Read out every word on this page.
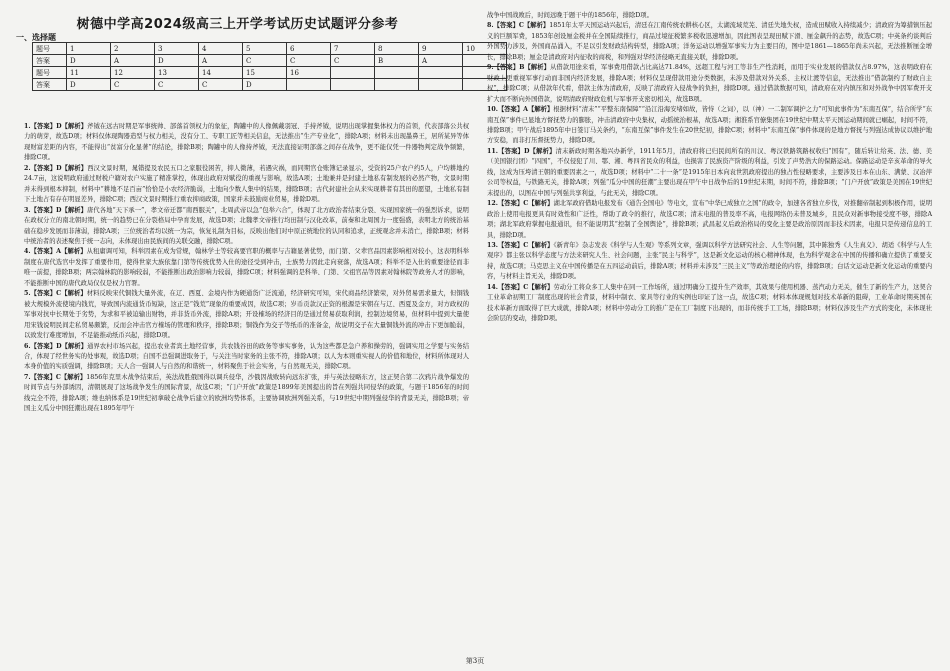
树德中学高2024级高三上开学考试历史试题评分参考
一、选择题
题号	1	2	3	4	5	6	7	8	9	10
答案	D	A	D	A	C	C	C	B	A	
题号	11	12	13	14	15	16				
答案	D	C	C	C	D					

1.【答案】D【解析】斧钺在远古时期是军事统帅、部落首领权力的象征，陶罐中的人像佩戴羽冠、手持斧钺，说明出现掌握集体权力的首领，代表部落公共权力的萌芽，故选D项；材料仅体现陶器造型与权力相关，没有分工、专职工匠等相关信息，无法推出“生产专业化”，排除A项；材料未出现墨鼻王，居所某异等体现财富差距的内容，不能得出“贫富分化显著”的结论，排除B项；陶罐中的人像持斧钺，无法直接证明部落之间存在战争，更不能仅凭一件器物判定战争频繁，排除C项。

2.【答案】D【解析】西汉文景时期，晁错提及农民五口之家服役困苦，抑人微薄，若遇灾祸，而同期官仓账簿记录显示，受资的25户农户约5人，户均耕地约24.7亩，这说明政府通过财税户籍对农户实施了精准掌控，体现出政府对赋役的重视与影响，故选A项；土地兼并是封建土地私有制发展的必然产物，文景时期并未得到根本抑制，材料中“耕地不足百亩”恰恰是小农经济脆弱，土地向少数人集中的结果，排除B项；古代封建社会从来实现耕者有其田的愿望，土地私有制下土地占有存在明显差异，排除C项；西汉文景时期推行重农抑商政策，国家并未鼓励商业贸易，排除D项。

3.【答案】D【解析】唐代各地“天下承一”，孝文帝迁都“南西服关”，北周武帝以急“包举六合”，体现了北方政治者结束分裂、实现国家统一的强烈诉求，说明在政权分立的南北朝时期，统一的趋势已在分裂格局中孕育发展，故选D项；北魏孝文帝推行均田制与汉化改革，前秦和北周国力一度强盛，表明北方的统治基础在稳步发展而非薄弱，排除A项；三位统治者均以统一为宗，恢复礼制为目标，反映出他们对中原正统地位的认同和追求，正统观念并未消亡，排除B项；材料中统治者的表述聚焦于统一志向，未体现出由民族间的关联交融，排除C项。

4.【答案】A【解析】从租庸调可知，科举因素在成为常规，翰林学士等较高要官职的概率与吉籍显著优势，而门第、父辈官品因素影响相对较小，这表明科举制度在唐代选官中发挥了重要作用，使得世家大族依靠门第等传统优势入仕的途径受到冲击，士族势力因此走向衰落，故选A项；科举不是入仕的重要途径而非唯一前提，排除B项；两宗翰林院的影响较弱，不能推断出政治影响力较弱，排除C项；材料强调的是科举、门第、父祖官品等因素对翰林院等政务人才的影响，不能推断中国的唐代政局仅仅是权力官署。

5.【答案】C【解析】材料反映宋代铜钱大量外流，在辽、西夏、金境内作为硬通货广泛流通，经济研究可知，宋代商品经济繁荣，对外贸易需求量大，但铜钱被大规模外流使境内钱荒，导致国内流通货币短缺，这正是“钱荒”现象的重要成因，故选C项；岁币贡款汉正资的根源是宋朝在与辽、西夏及金方，对方政权的军事对抗中长期处于劣势，为求和平被迫输出财物，并非货币外流，排除A项；开设榷场的经济目的是通过贸易获取利润，控制边境贸易，但材料中提到大量使用宋钱说明民间走私贸易颇繁，反而会冲击官方榷场的管理和秩序，排除B项；铜钱作为交子等纸币的准备金，故说明交子在大量铜钱外流的冲击下更加脆弱，以致发行难度增加，不足能推动纸币兴起，排除D项。

6.【答案】D【解析】通界农村市场兴起，提出农业者宾土地经营事，共农钱谷田的政务等事实事务，认为这些都是急户养和操劳的，强调实用之学要与实务结合，体现了经世务实的处事观，故选D项；自国不总强调进取务于，与关注当时家务的主张不符，排除A项；以人为本则重实视人的价值和地位，材料所体现对人本身价值的实质强调，排除B项；天人合一强调人与自然的和谐统一，材料聚焦于社会实务，与自然观无关，排除C项。

7.【答案】C【解析】1856年克里木战争结束后，英法战胜俄国得以调兵侵华，沙俄因战败转向远东扩张，并与英法侵略东方，这正契合第二次鸦片战争爆发的时间节点与外部诱因，清朝展现了这场战争发生的国际背景，故选C项；“门户开放”政策是1899年美国提出的旨在列强共同侵华的政策，与题干1856年的时间线完全不符，排除A项；维也纳体系是19世纪初拿破仑战争后建立的欧洲均势体系，主要协调欧洲列强关系，与19世纪中期列强侵华的背景无关，排除B项；帝国主义瓜分中国狂潮出现在1895年甲午

战争中国战败后，时间远晚于题干中的1856年，排除D项。

8.【答案】C【解析】1851年太平天国运动兴起后，清廷在江南传统农耕核心区，太湖流域荒芜、清廷失地失权，造成田赋收入持续减少；清政府为筹措镇压起义的巨额军费，1853年创设厘金税并在全国陆续推行，商品过境征税繁多税收迅速增加，因此图表呈现田赋下滑、厘金飙升的态势，故选C项；中英条约谈判后外国势力涉及，外国商品涌入，不足以引发财政结构转型，排除A项；洋务运动以增强军事实力为主要目的，图中是1861—1865年尚未兴起，无法推断厘金增长，排除B项；厘金是清政府对内征收的商税，和列强对华经济侵略无直接关联，排除D项。

9.【答案】B【解析】从借款用途来看，军事费用借款占比高达71.84%，远超工程与河工等非生产性消耗，而用于实业发展的借款仅占8.97%，这表明政府在财政上更重视军事行动而非国内经济发展，排除A项；材料仅呈现借款用途分类数据，未涉及借款对外关系、主权让渡等信息，无法推出“借款制约了财政自主权”，排除C项；从借款年代看，借款主体为清政府，反映了清政府入侵战争的负担，排除D项。通过借款数据可知，清政府在对内镇压和对外战争中因军费开支扩大而不断向外国借款，说明清政府财政危机与军事开支密切相关，故选B项。

10.【答案】A【解析】根据材料“清末”“平整东南保障”“沿江沿海安堵如故，皆恃（之词），以（神）一二制军调护之力”可知此事件为“东南互保”，结合所学“东南互保”事件已显地方督抚势力的膨胀，冲击清政府中央集权，动摇统治根基，故选A项；湘淮系官僚集团在19世纪中期太平天国运动期间就已崛起，时间不符，排除B项；甲午战后1895年中日签订马关条约，“东南互保”事件发生在20世纪初，排除C项；材料中“东南互保”事件体现的是地方督抚与列强达成协议以维护地方安稳，而非打压督抚势力，排除D项。

11.【答案】D【解析】清末新政时期各地兴办新学，1911年5月，清政府将已归民间所有的川汉、粤汉铁路筑路权收归“国有”，随后转让给英、法、德、美（美国银行团）“四国”，不仅侵犯了川、鄂、湘、粤四省民众的利益，也损害了民族资产阶级的利益，引发了声势浩大的保路运动。保路运动是辛亥革命的导火线，这成为压垮清王朝的重要因素之一，故选D项；材料中“二十一条”是1915年日本向袁世凯政府提出的独占性侵略要求，主要涉及日本在山东、满蒙、汉冶萍公司等权益，与铁路无关，排除A项；列强“瓜分中国的狂潮”主要出现在甲午中日战争后的19世纪末期，时间不符，排除B项；“门户开放”政策是美国在19世纪末提出的，以图在中国与列强共享利益，与此无关，排除C项。

12.【答案】C【解析】湖北军政府借助电报发布《通告全国电》等电文，宣布“中华已成独立之国”的政令，加速各省独立步伐，对推翻帝制起到积极作用，说明政治上使用电报更具有时效性和广泛性，帮助了政令的推行，故选C项；清末电报的普及率不高，电报网络仍未普及城乡，且民众对新事物接受度不够，排除A项；湖北军政府掌握电报通讯，但不能说明其“控制了全国舆论”，排除B项；武昌起义后政治格局的变化主要是政治原因而非技术因素，电报只是传递信息的工具，排除D项。

13.【答案】C【解析】《新青年》杂志发表《科学与人生观》等系列文章，强调以科学方法研究社会、人生等问题，其中陈独秀《人生真义》、胡适《科学与人生观序》都主张以科学态度与方法来研究人生、社会问题，主张“民主与科学”，这是新文化运动的核心精神体现，也为科学观念在中国的传播和确立提供了重要支持，故选C项；马克思主义在中国传播是在五四运动前后，排除A项；材料并未涉及“三民主义”等政治理论的内容，排除B项；白话文运动是新文化运动的重要内容，与材料主旨无关，排除D项。

14.【答案】C【解析】劳动分工将众多工人集中在同一工作场所，通过明确分工提升生产效率，其效果与使用机器、蒸汽动力无关，催生了新的生产力，这契合工业革命初期工厂制度出现的社会背景，材料中制衣、家具等行业的实例也印证了这一点，故选C项；材料本体现规划对技术革新的阻碍，工业革命时期英国在技术革新方面取得了巨大成就，排除A项；材料中劳动分工的推广是在工厂制度下出现的，而非传统手工工场，排除B项；材料仅涉及生产方式的变化，未体现社会阶层的变动，排除D项。

第3页
